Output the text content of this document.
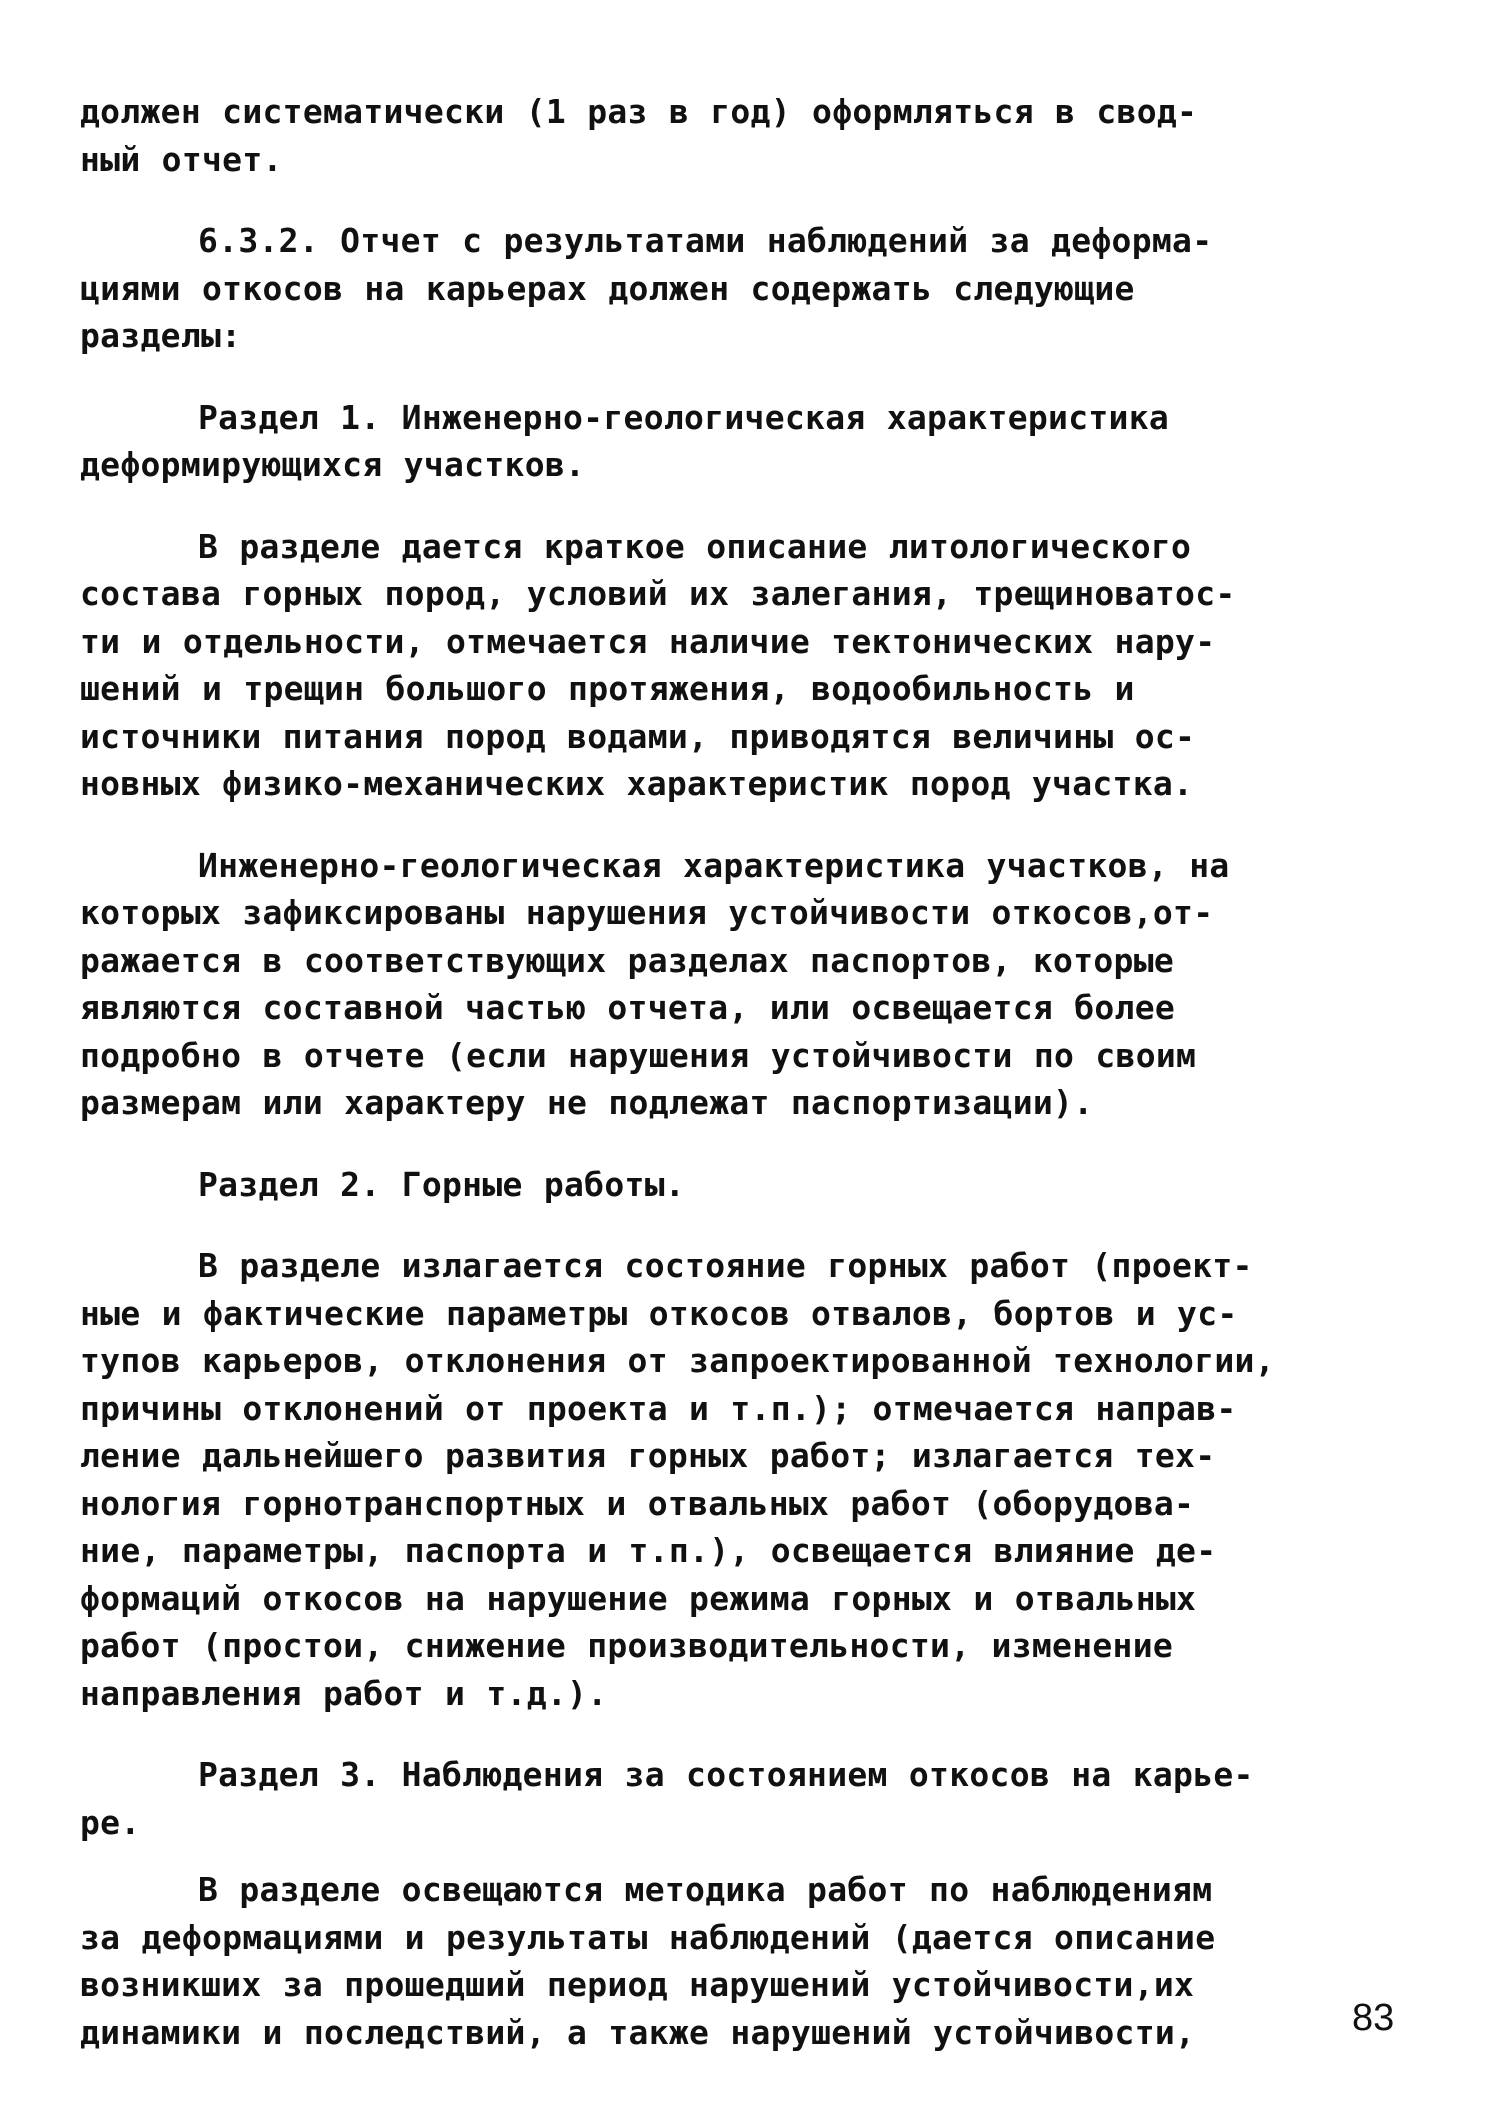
должен систематически (1 раз в год) оформляться в свод-
ный отчет.

6.3.2. Отчет с результатами наблюдений за деформа-
циями откосов на карьерах должен содержать следующие
разделы:

Раздел 1. Инженерно-геологическая характеристика
деформирующихся участков.

В разделе дается краткое описание литологического
состава горных пород, условий их залегания, трещиноватос-
ти и отдельности, отмечается наличие тектонических нару-
шений и трещин большого протяжения, водообильность и
источники питания пород водами, приводятся величины ос-
новных физико-механических характеристик пород участка.

Инженерно-геологическая характеристика участков, на
которых зафиксированы нарушения устойчивости откосов,от-
ражается в соответствующих разделах паспортов, которые
являются составной частью отчета, или освещается более
подробно в отчете (если нарушения устойчивости по своим
размерам или характеру не подлежат паспортизации).

Раздел 2. Горные работы.

В разделе излагается состояние горных работ (проект-
ные и фактические параметры откосов отвалов, бортов и ус-
тупов карьеров, отклонения от запроектированной технологии,
причины отклонений от проекта и т.п.); отмечается направ-
ление дальнейшего развития горных работ; излагается тех-
нология горнотранспортных и отвальных работ (оборудова-
ние, параметры, паспорта и т.п.), освещается влияние де-
формаций откосов на нарушение режима горных и отвальных
работ (простои, снижение производительности, изменение
направления работ и т.д.).

Раздел 3. Наблюдения за состоянием откосов на карье-
ре.

В разделе освещаются методика работ по наблюдениям
за деформациями и результаты наблюдений (дается описание
возникших за прошедший период нарушений устойчивости,их
динамики и последствий, а также нарушений устойчивости,	83
